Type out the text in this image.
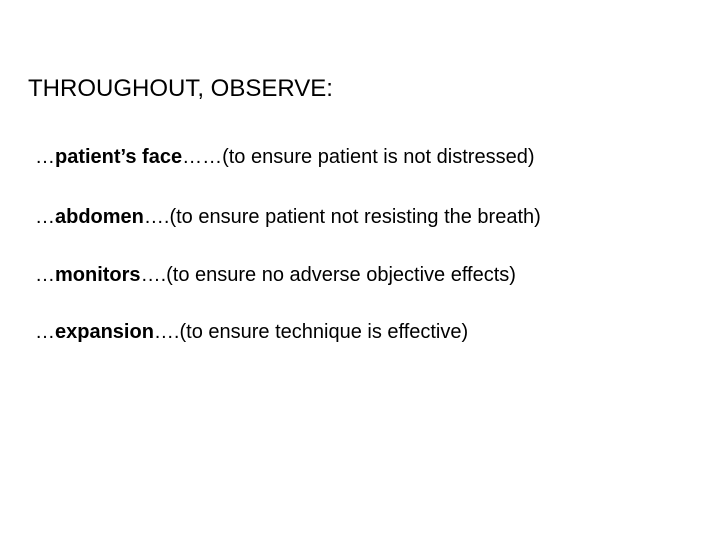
THROUGHOUT, OBSERVE:
…patient’s face……(to ensure patient is not distressed)
…abdomen….(to ensure patient not resisting the breath)
…monitors….(to ensure no adverse objective effects)
…expansion….(to ensure technique is effective)
